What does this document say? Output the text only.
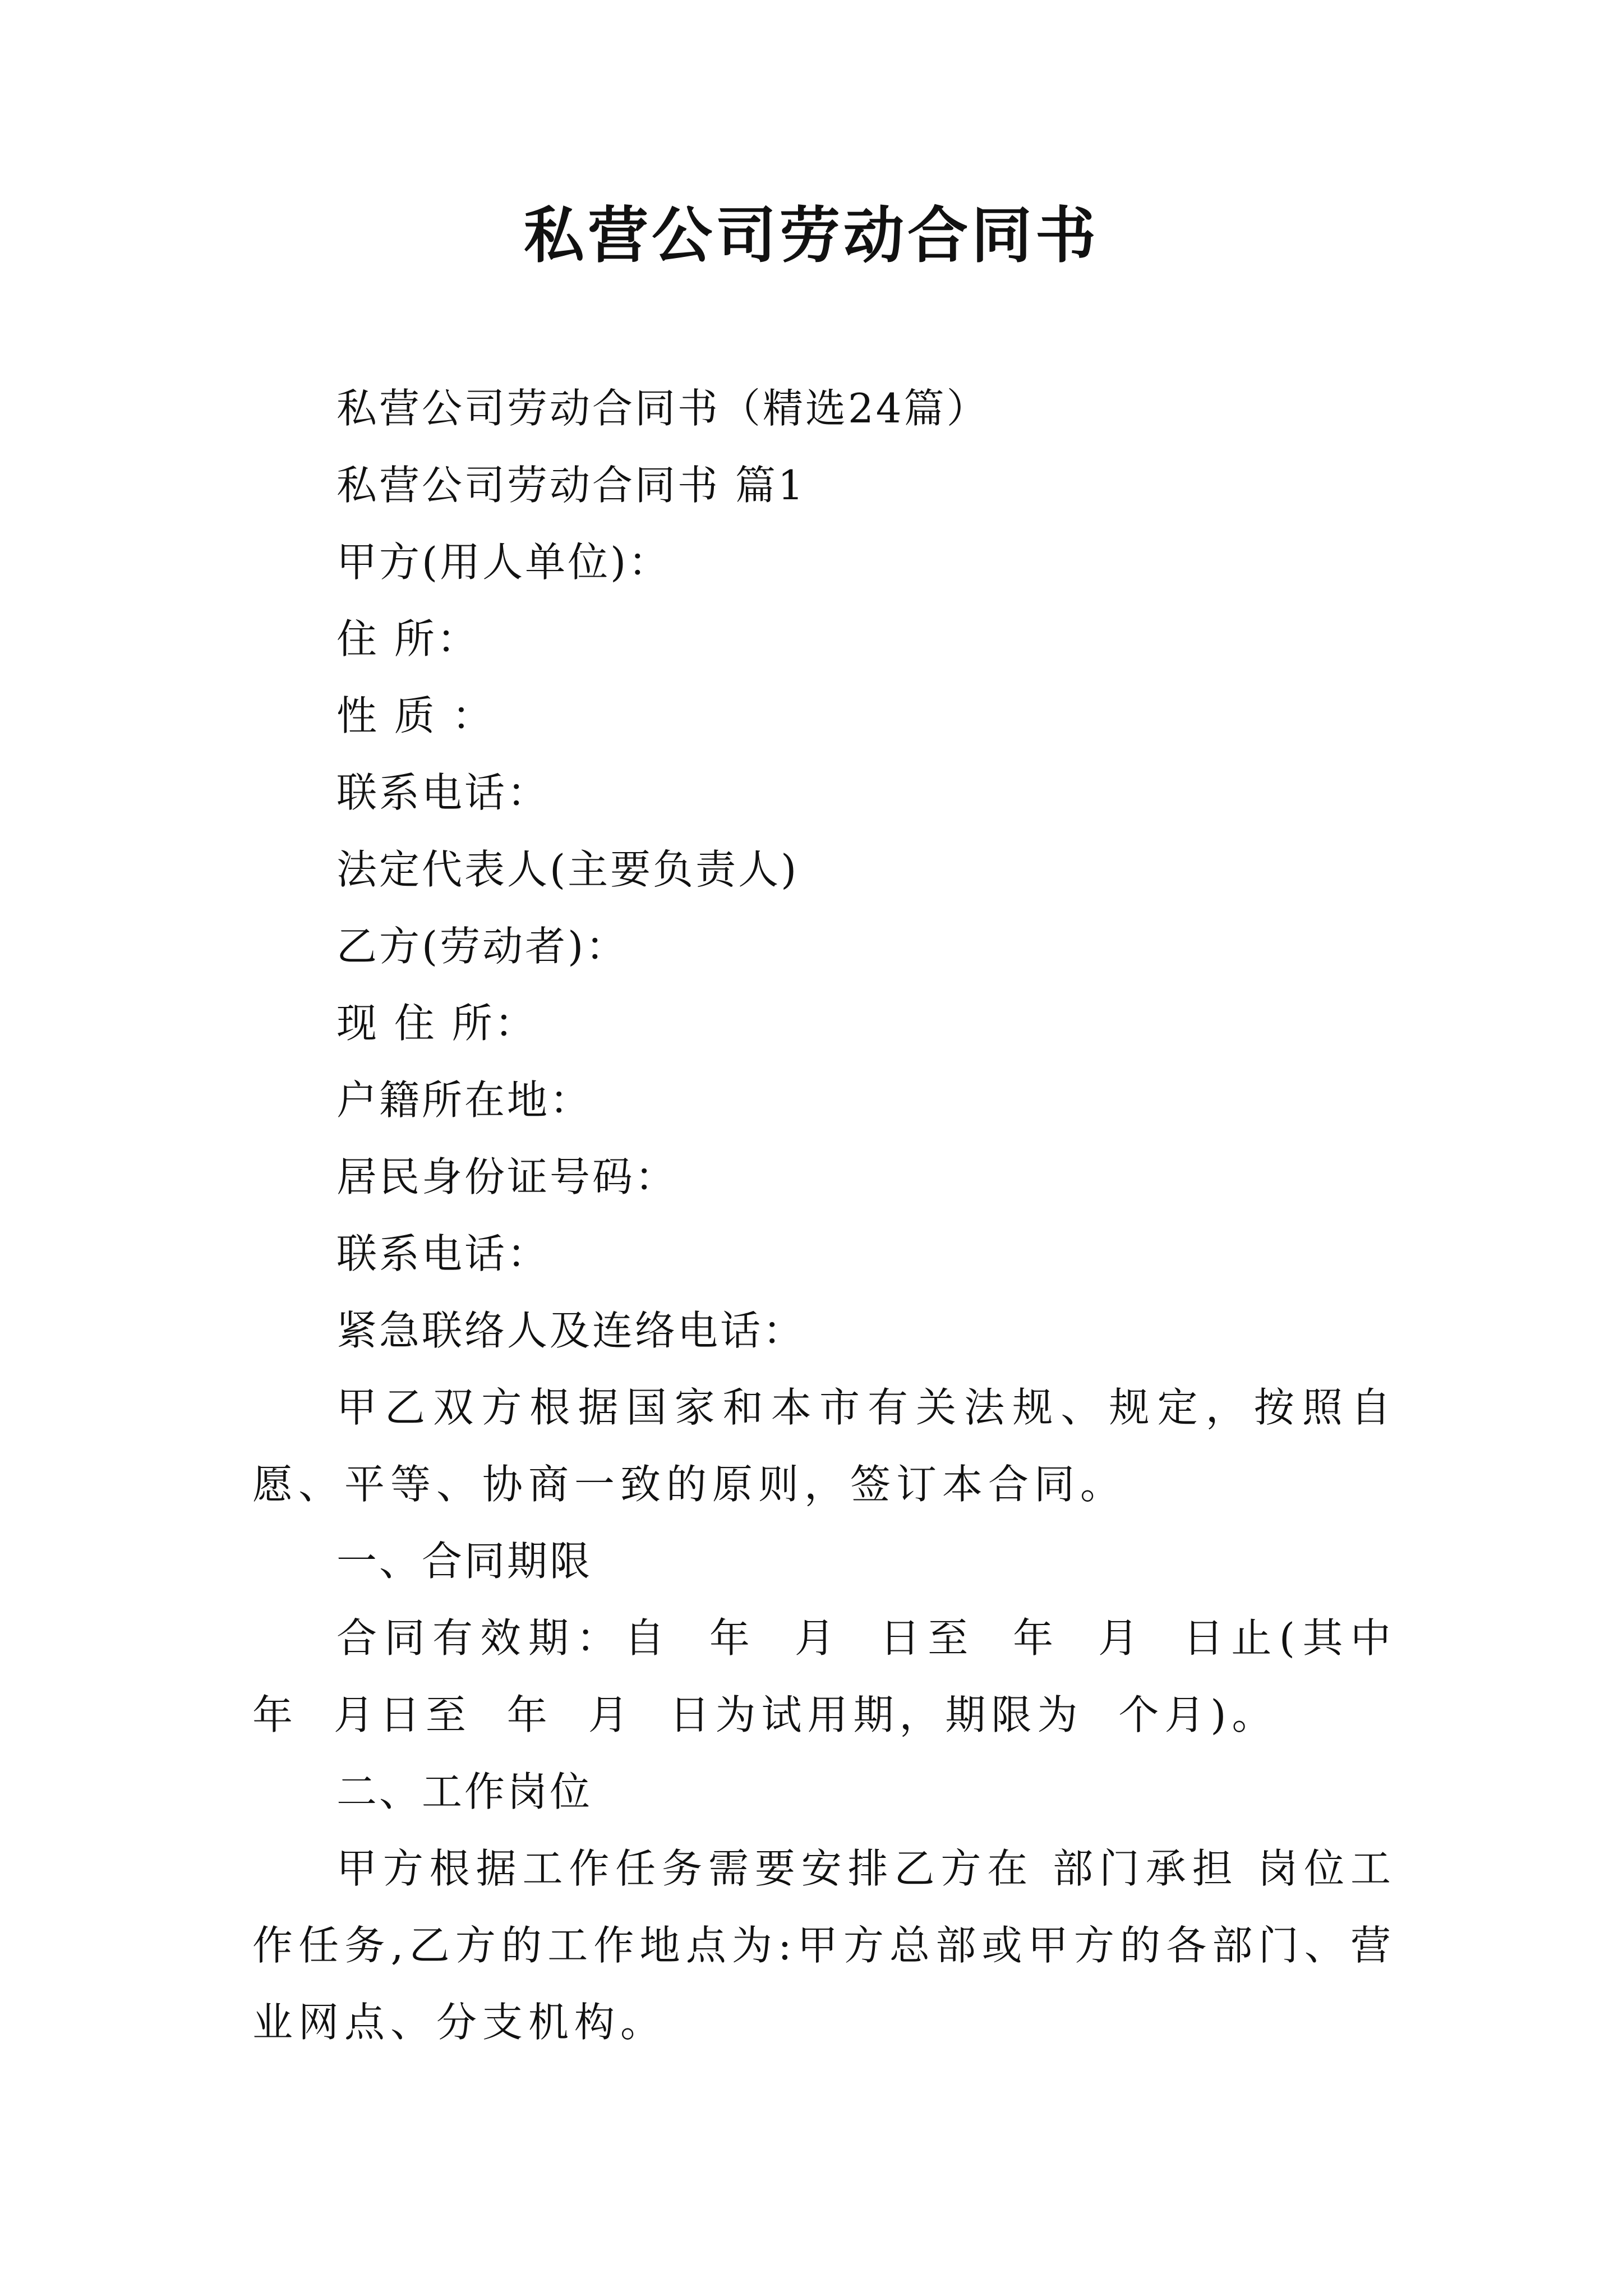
私营公司劳动合同书
私营公司劳动合同书（精选24篇）
私营公司劳动合同书 篇1
甲方(用人单位)：
住 所：
性 质 ：
联系电话：
法定代表人(主要负责人)
乙方(劳动者)：
现 住 所：
户籍所在地：
居民身份证号码：
联系电话：
紧急联络人及连络电话：

甲乙双方根据国家和本市有关法规、规定，按照自愿、平等、协商一致的原则，签订本合同。

一、合同期限

合同有效期：自 年 月 日至 年 月 日止(其中 年 月日至 年 月 日为试用期，期限为 个月)。

二、工作岗位

甲方根据工作任务需要安排乙方在 部门承担 岗位工作任务,乙方的工作地点为:甲方总部或甲方的各部门、营业网点、分支机构。
